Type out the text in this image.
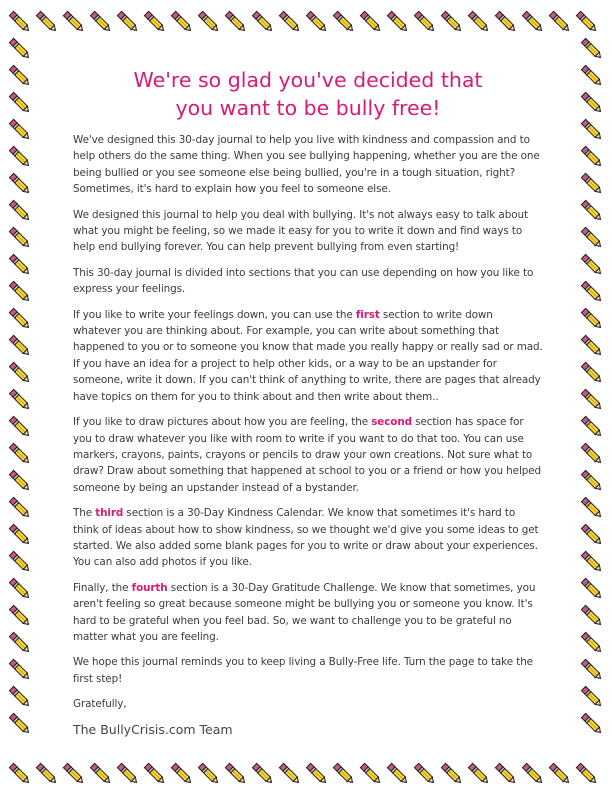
We're so glad you've decided that
you want to be bully free!

We've designed this 30-day journal to help you live with kindness and compassion and to help others do the same thing. When you see bullying happening, whether you are the one being bullied or you see someone else being bullied, you're in a tough situation, right? Sometimes, it's hard to explain how you feel to someone else.

We designed this journal to help you deal with bullying. It's not always easy to talk about what you might be feeling, so we made it easy for you to write it down and find ways to help end bullying forever. You can help prevent bullying from even starting!

This 30-day journal is divided into sections that you can use depending on how you like to express your feelings.

If you like to write your feelings down, you can use the first section to write down whatever you are thinking about. For example, you can write about something that happened to you or to someone you know that made you really happy or really sad or mad. If you have an idea for a project to help other kids, or a way to be an upstander for someone, write it down. If you can't think of anything to write, there are pages that already have topics on them for you to think about and then write about them..

If you like to draw pictures about how you are feeling, the second section has space for you to draw whatever you like with room to write if you want to do that too. You can use markers, crayons, paints, crayons or pencils to draw your own creations. Not sure what to draw? Draw about something that happened at school to you or a friend or how you helped someone by being an upstander instead of a bystander.

The third section is a 30-Day Kindness Calendar. We know that sometimes it's hard to think of ideas about how to show kindness, so we thought we'd give you some ideas to get started. We also added some blank pages for you to write or draw about your experiences. You can also add photos if you like.

Finally, the fourth section is a 30-Day Gratitude Challenge. We know that sometimes, you aren't feeling so great because someone might be bullying you or someone you know. It's hard to be grateful when you feel bad. So, we want to challenge you to be grateful no matter what you are feeling.

We hope this journal reminds you to keep living a Bully-Free life. Turn the page to take the first step!

Gratefully,

The BullyCrisis.com Team
